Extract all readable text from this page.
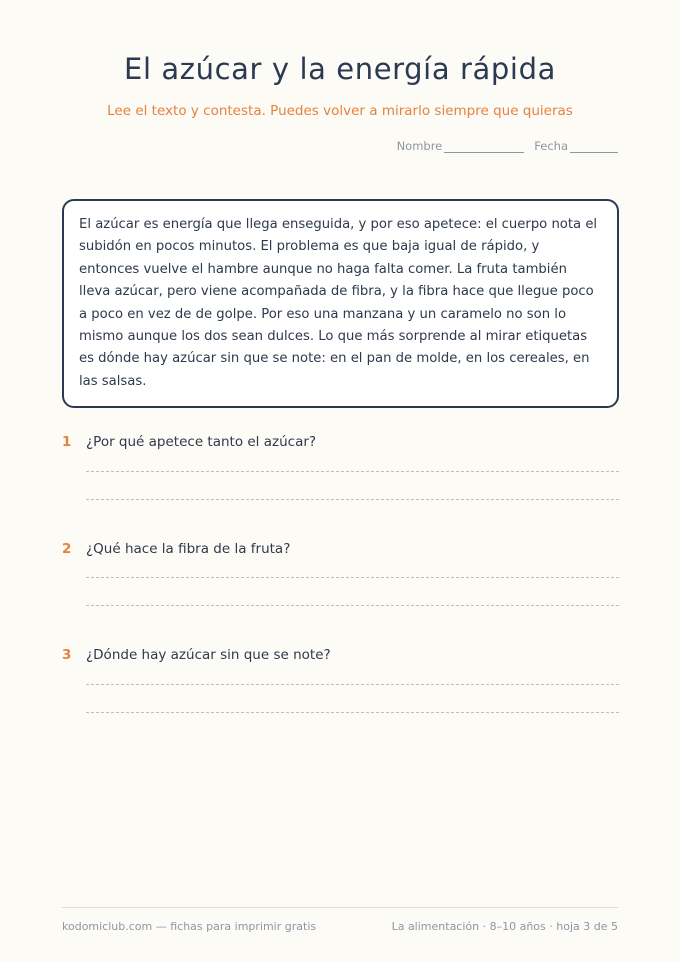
El azúcar y la energía rápida
Lee el texto y contesta. Puedes volver a mirarlo siempre que quieras
Nombre	Fecha

El azúcar es energía que llega enseguida, y por eso apetece: el cuerpo nota el subidón en pocos minutos. El problema es que baja igual de rápido, y entonces vuelve el hambre aunque no haga falta comer. La fruta también lleva azúcar, pero viene acompañada de fibra, y la fibra hace que llegue poco a poco en vez de de golpe. Por eso una manzana y un caramelo no son lo mismo aunque los dos sean dulces. Lo que más sorprende al mirar etiquetas es dónde hay azúcar sin que se note: en el pan de molde, en los cereales, en las salsas.

1	¿Por qué apetece tanto el azúcar?
2	¿Qué hace la fibra de la fruta?
3	¿Dónde hay azúcar sin que se note?
kodomiclub.com — fichas para imprimir gratis	La alimentación · 8–10 años · hoja 3 de 5
